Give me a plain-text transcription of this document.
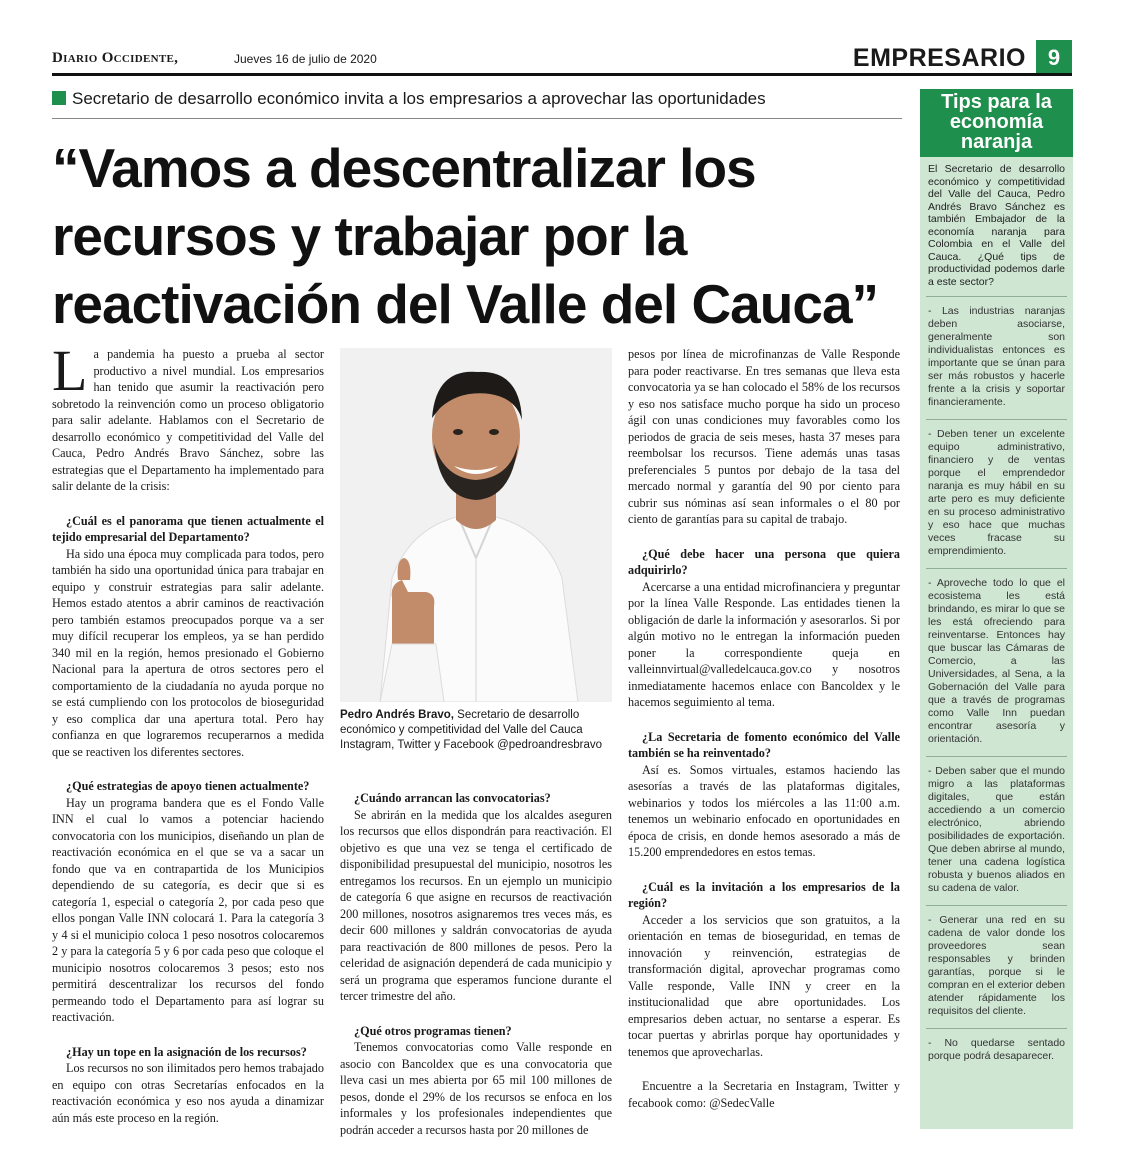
Diario Occidente,	Jueves 16 de julio de 2020	EMPRESARIO 9
Secretario de desarrollo económico invita a los empresarios a aprovechar las oportunidades
“Vamos a descentralizar los recursos y trabajar por la reactivación del Valle del Cauca”

La pandemia ha puesto a prueba al sector productivo a nivel mundial. Los empresarios han tenido que asumir la reactivación pero sobretodo la reinvención como un proceso obligatorio para salir adelante. Hablamos con el Secretario de desarrollo económico y competitividad del Valle del Cauca, Pedro Andrés Bravo Sánchez, sobre las estrategias que el Departamento ha implementado para salir delante de la crisis:

¿Cuál es el panorama que tienen actualmente el tejido empresarial del Departamento?

Ha sido una época muy complicada para todos, pero también ha sido una oportunidad única para trabajar en equipo y construir estrategias para salir adelante. Hemos estado atentos a abrir caminos de reactivación pero también estamos preocupados porque va a ser muy difícil recuperar los empleos, ya se han perdido 340 mil en la región, hemos presionado el Gobierno Nacional para la apertura de otros sectores pero el comportamiento de la ciudadanía no ayuda porque no se está cumpliendo con los protocolos de bioseguridad y eso complica dar una apertura total. Pero hay confianza en que lograremos recuperarnos a medida que se reactiven los diferentes sectores.

¿Qué estrategias de apoyo tienen actualmente?

Hay un programa bandera que es el Fondo Valle INN el cual lo vamos a potenciar haciendo convocatoria con los municipios, diseñando un plan de reactivación económica en el que se va a sacar un fondo que va en contrapartida de los Municipios dependiendo de su categoría, es decir que si es categoría 1, especial o categoría 2, por cada peso que ellos pongan Valle INN colocará 1. Para la categoría 3 y 4 si el municipio coloca 1 peso nosotros colocaremos 2 y para la categoría 5 y 6 por cada peso que coloque el municipio nosotros colocaremos 3 pesos; esto nos permitirá descentralizar los recursos del fondo permeando todo el Departamento para así lograr su reactivación.

¿Hay un tope en la asignación de los recursos?

Los recursos no son ilimitados pero hemos trabajado en equipo con otras Secretarías enfocados en la reactivación económica y eso nos ayuda a dinamizar aún más este proceso en la región.

¿Cuándo arrancan las convocatorias?

Se abrirán en la medida que los alcaldes aseguren los recursos que ellos dispondrán para reactivación. El objetivo es que una vez se tenga el certificado de disponibilidad presupuestal del municipio, nosotros les entregamos los recursos. En un ejemplo un municipio de categoría 6 que asigne en recursos de reactivación 200 millones, nosotros asignaremos tres veces más, es decir 600 millones y saldrán convocatorias de ayuda para reactivación de 800 millones de pesos. Pero la celeridad de asignación dependerá de cada municipio y será un programa que esperamos funcione durante el tercer trimestre del año.

¿Qué otros programas tienen?

Tenemos convocatorias como Valle responde en asocio con Bancoldex que es una convocatoria que lleva casi un mes abierta por 65 mil 100 millones de pesos, donde el 29% de los recursos se enfoca en los informales y los profesionales independientes que podrán acceder a recursos hasta por 20 millones de

pesos por línea de microfinanzas de Valle Responde para poder reactivarse. En tres semanas que lleva esta convocatoria ya se han colocado el 58% de los recursos y eso nos satisface mucho porque ha sido un proceso ágil con unas condiciones muy favorables como los periodos de gracia de seis meses, hasta 37 meses para reembolsar los recursos. Tiene además unas tasas preferenciales 5 puntos por debajo de la tasa del mercado normal y garantía del 90 por ciento para cubrir sus nóminas así sean informales o el 80 por ciento de garantías para su capital de trabajo.

¿Qué debe hacer una persona que quiera adquirirlo?

Acercarse a una entidad microfinanciera y preguntar por la línea Valle Responde. Las entidades tienen la obligación de darle la información y asesorarlos. Si por algún motivo no le entregan la información pueden poner la correspondiente queja en valleinnvirtual@valledelcauca.gov.co y nosotros inmediatamente hacemos enlace con Bancoldex y le hacemos seguimiento al tema.

¿La Secretaria de fomento económico del Valle también se ha reinventado?

Así es. Somos virtuales, estamos haciendo las asesorías a través de las plataformas digitales, webinarios y todos los miércoles a las 11:00 a.m. tenemos un webinario enfocado en oportunidades en época de crisis, en donde hemos asesorado a más de 15.200 emprendedores en estos temas.

¿Cuál es la invitación a los empresarios de la región?

Acceder a los servicios que son gratuitos, a la orientación en temas de bioseguridad, en temas de innovación y reinvención, estrategias de transformación digital, aprovechar programas como Valle responde, Valle INN y creer en la institucionalidad que abre oportunidades. Los empresarios deben actuar, no sentarse a esperar. Es tocar puertas y abrirlas porque hay oportunidades y tenemos que aprovecharlas.

Encuentre a la Secretaria en Instagram, Twitter y fecabook como: @SedecValle

Pedro Andrés Bravo, Secretario de desarrollo económico y competitividad del Valle del Cauca Instagram, Twitter y Facebook @pedroandresbravo
Tips para la economía naranja
El Secretario de desarrollo económico y competitividad del Valle del Cauca, Pedro Andrés Bravo Sánchez es también Embajador de la economía naranja para Colombia en el Valle del Cauca. ¿Qué tips de productividad podemos darle a este sector?
- Las industrias naranjas deben asociarse, generalmente son individualistas entonces es importante que se únan para ser más robustos y hacerle frente a la crisis y soportar financieramente.
- Deben tener un excelente equipo administrativo, financiero y de ventas porque el emprendedor naranja es muy hábil en su arte pero es muy deficiente en su proceso administrativo y eso hace que muchas veces fracase su emprendimiento.
- Aproveche todo lo que el ecosistema les está brindando, es mirar lo que se les está ofreciendo para reinventarse. Entonces hay que buscar las Cámaras de Comercio, a las Universidades, al Sena, a la Gobernación del Valle para que a través de programas como Valle Inn puedan encontrar asesoría y orientación.
- Deben saber que el mundo migro a las plataformas digitales, que están accediendo a un comercio electrónico, abriendo posibilidades de exportación. Que deben abrirse al mundo, tener una cadena logística robusta y buenos aliados en su cadena de valor.
- Generar una red en su cadena de valor donde los proveedores sean responsables y brinden garantías, porque si le compran en el exterior deben atender rápidamente los requisitos del cliente.
- No quedarse sentado porque podrá desaparecer.
